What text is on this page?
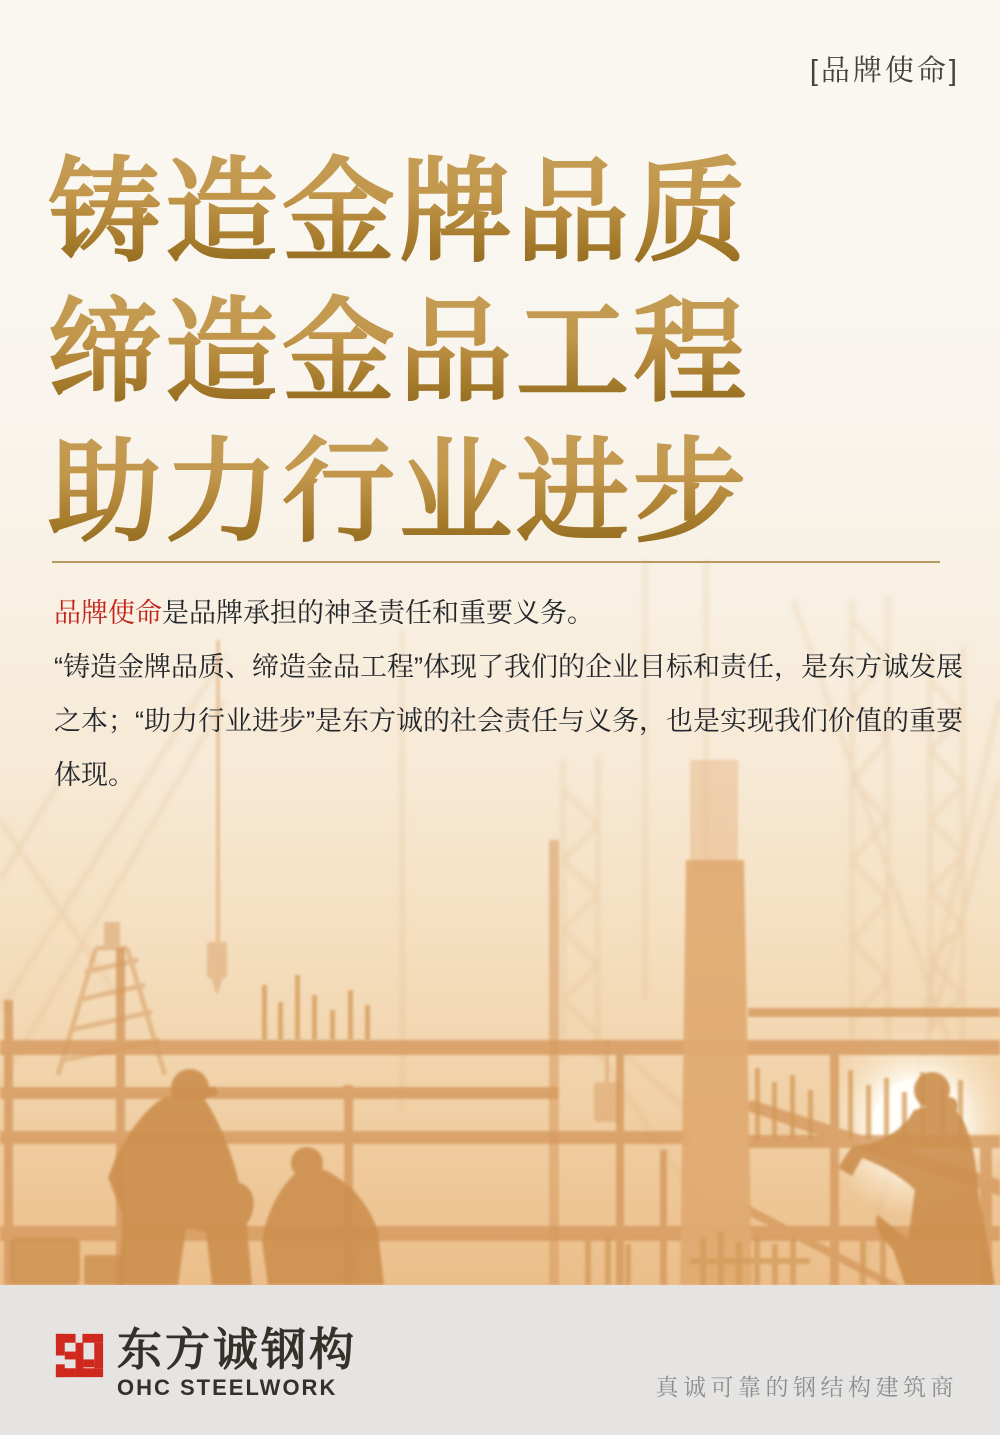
[品牌使命]
铸造金牌品质
缔造金品工程
助力行业进步
品牌使命是品牌承担的神圣责任和重要义务。
“铸造金牌品质、缔造金品工程”体现了我们的企业目标和责任，是东方诚发展
之本；“助力行业进步”是东方诚的社会责任与义务，也是实现我们价值的重要
体现。
东方诚钢构
OHC STEELWORK	真诚可靠的钢结构建筑商
